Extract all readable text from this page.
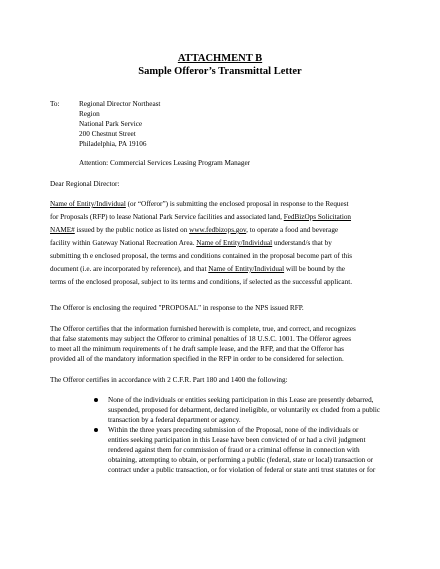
ATTACHMENT B
Sample Offeror’s Transmittal Letter
To:	Regional Director Northeast
Region
National Park Service
200 Chestnut Street
Philadelphia, PA 19106
Attention: Commercial Services Leasing Program Manager
Dear Regional Director:
Name of Entity/Individual (or “Offeror”) is submitting the enclosed proposal in response to the Request
for Proposals (RFP) to lease National Park Service facilities and associated land, FedBizOps Solicitation
NAME# issued by the public notice as listed on www.fedbizops.gov, to operate a food and beverage
facility within Gateway National Recreation Area. Name of Entity/Individual understand/s that by
submitting th e enclosed proposal, the terms and conditions contained in the proposal become part of this
document (i.e. are incorporated by reference), and that Name of Entity/Individual will be bound by the
terms of the enclosed proposal, subject to its terms and conditions, if selected as the successful applicant.
The Offeror is enclosing the required "PROPOSAL" in response to the NPS issued RFP.
The Offeror certifies that the information furnished herewith is complete, true, and correct, and recognizes
that false statements may subject the Offeror to criminal penalties of 18 U.S.C. 1001. The Offeror agrees
to meet all the minimum requirements of t he draft sample lease, and the RFP, and that the Offeror has
provided all of the mandatory information specified in the RFP in order to be considered for selection.
The Offeror certifies in accordance with 2 C.F.R. Part 180 and 1400 the following:
None of the individuals or entities seeking participation in this Lease are presently debarred,
suspended, proposed for debarment, declared ineligible, or voluntarily ex cluded from a public
transaction by a federal department or agency.
Within the three years preceding submission of the Proposal, none of the individuals or
entities seeking participation in this Lease have been convicted of or had a civil judgment
rendered against them for commission of fraud or a criminal offense in connection with
obtaining, attempting to obtain, or performing a public (federal, state or local) transaction or
contract under a public transaction, or for violation of federal or state anti trust statutes or for
